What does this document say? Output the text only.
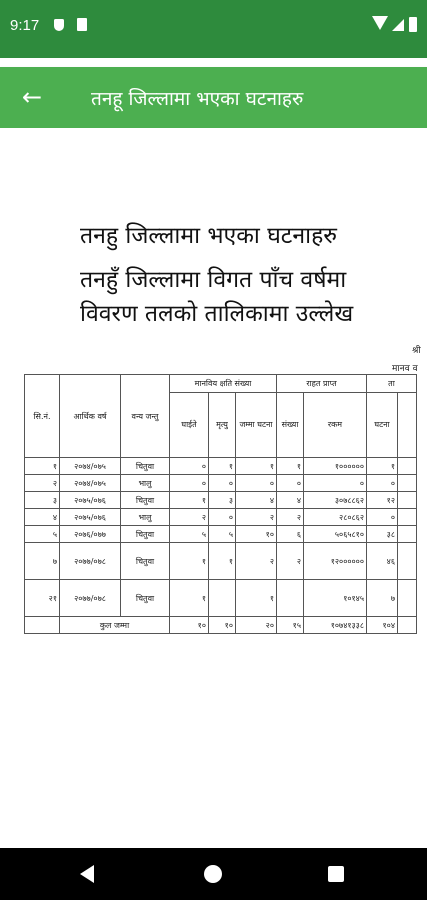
9:17
←	तनहू जिल्लामा भएका घटनाहरु
तनहु जिल्लामा भएका घटनाहरु
तनहुँ जिल्लामा विगत पाँच वर्षमा
विवरण तलको तालिकामा उल्लेख
श्री
मानव व
सि.नं.	आर्थिक वर्ष	वन्य जन्तु	मानविय क्षति संख्या			राहत प्राप्त		ता	
			घाईते	मृत्यु	जम्मा घटना	संख्या	रकम	घटना	
१	२०७४/०७५	चितुवा	०	१	१	१	१००००००	१	
२	२०७४/०७५	भालु	०	०	०	०	०	०	
३	२०७५/०७६	चितुवा	१	३	४	४	३०७८८६२	१२	
४	२०७५/०७६	भालु	२	०	२	२	२८०८६२	०	
५	२०७६/०७७	चितुवा	५	५	१०	६	५०६५८१०	३८	
७	२०७७/०७८	चितुवा	१	१	२	२	१२००००००	४६	
२१	२०७७/०७८	चितुवा	१		१		१०१४५	७	
	कुल जम्मा		१०	१०	२०	१५	१०७४१३३८	१०४	
